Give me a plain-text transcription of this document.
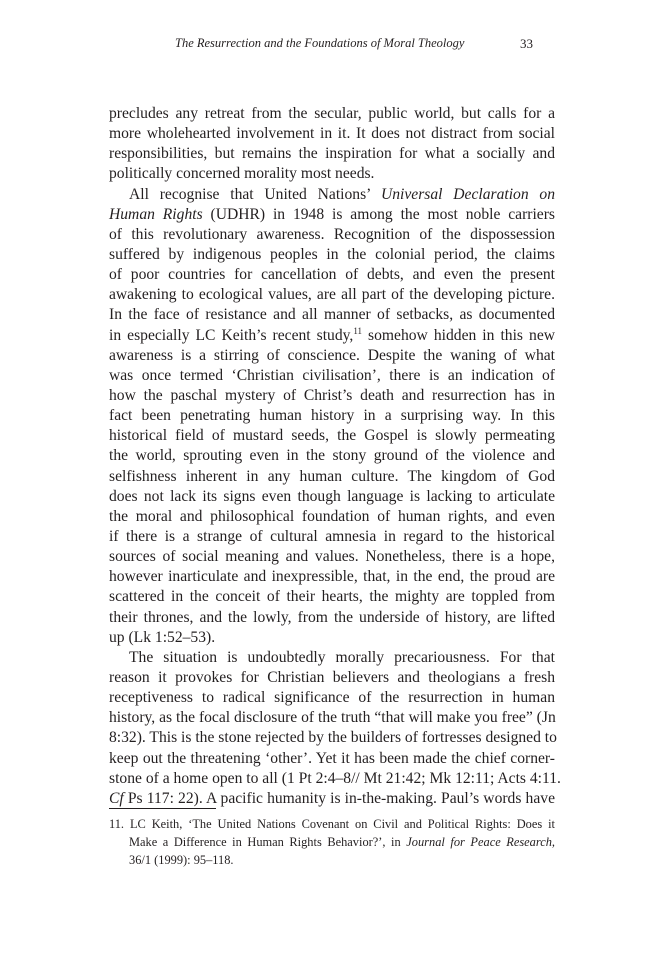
The Resurrection and the Foundations of Moral Theology	33
precludes any retreat from the secular, public world, but calls for a
more wholehearted involvement in it. It does not distract from social
responsibilities, but remains the inspiration for what a socially and
politically concerned morality most needs.
All recognise that United Nations’ Universal Declaration on
Human Rights (UDHR) in 1948 is among the most noble carriers
of this revolutionary awareness. Recognition of the dispossession
suffered by indigenous peoples in the colonial period, the claims
of poor countries for cancellation of debts, and even the present
awakening to ecological values, are all part of the developing picture.
In the face of resistance and all manner of setbacks, as documented
in especially LC Keith’s recent study,$^{11}$ somehow hidden in this new
awareness is a stirring of conscience. Despite the waning of what
was once termed ‘Christian civilisation’, there is an indication of
how the paschal mystery of Christ’s death and resurrection has in
fact been penetrating human history in a surprising way. In this
historical field of mustard seeds, the Gospel is slowly permeating
the world, sprouting even in the stony ground of the violence and
selfishness inherent in any human culture. The kingdom of God
does not lack its signs even though language is lacking to articulate
the moral and philosophical foundation of human rights, and even
if there is a strange of cultural amnesia in regard to the historical
sources of social meaning and values. Nonetheless, there is a hope,
however inarticulate and inexpressible, that, in the end, the proud are
scattered in the conceit of their hearts, the mighty are toppled from
their thrones, and the lowly, from the underside of history, are lifted
up (Lk 1:52–53).
The situation is undoubtedly morally precariousness. For that
reason it provokes for Christian believers and theologians a fresh
receptiveness to radical significance of the resurrection in human
history, as the focal disclosure of the truth “that will make you free” (Jn
8:32). This is the stone rejected by the builders of fortresses designed to
keep out the threatening ‘other’. Yet it has been made the chief corner-
stone of a home open to all (1 Pt 2:4–8// Mt 21:42; Mk 12:11; Acts 4:11.
Cf Ps 117: 22). A pacific humanity is in-the-making. Paul’s words have
11. LC Keith, ‘The United Nations Covenant on Civil and Political Rights: Does it
Make a Difference in Human Rights Behavior?’, in Journal for Peace Research,
36/1 (1999): 95–118.
